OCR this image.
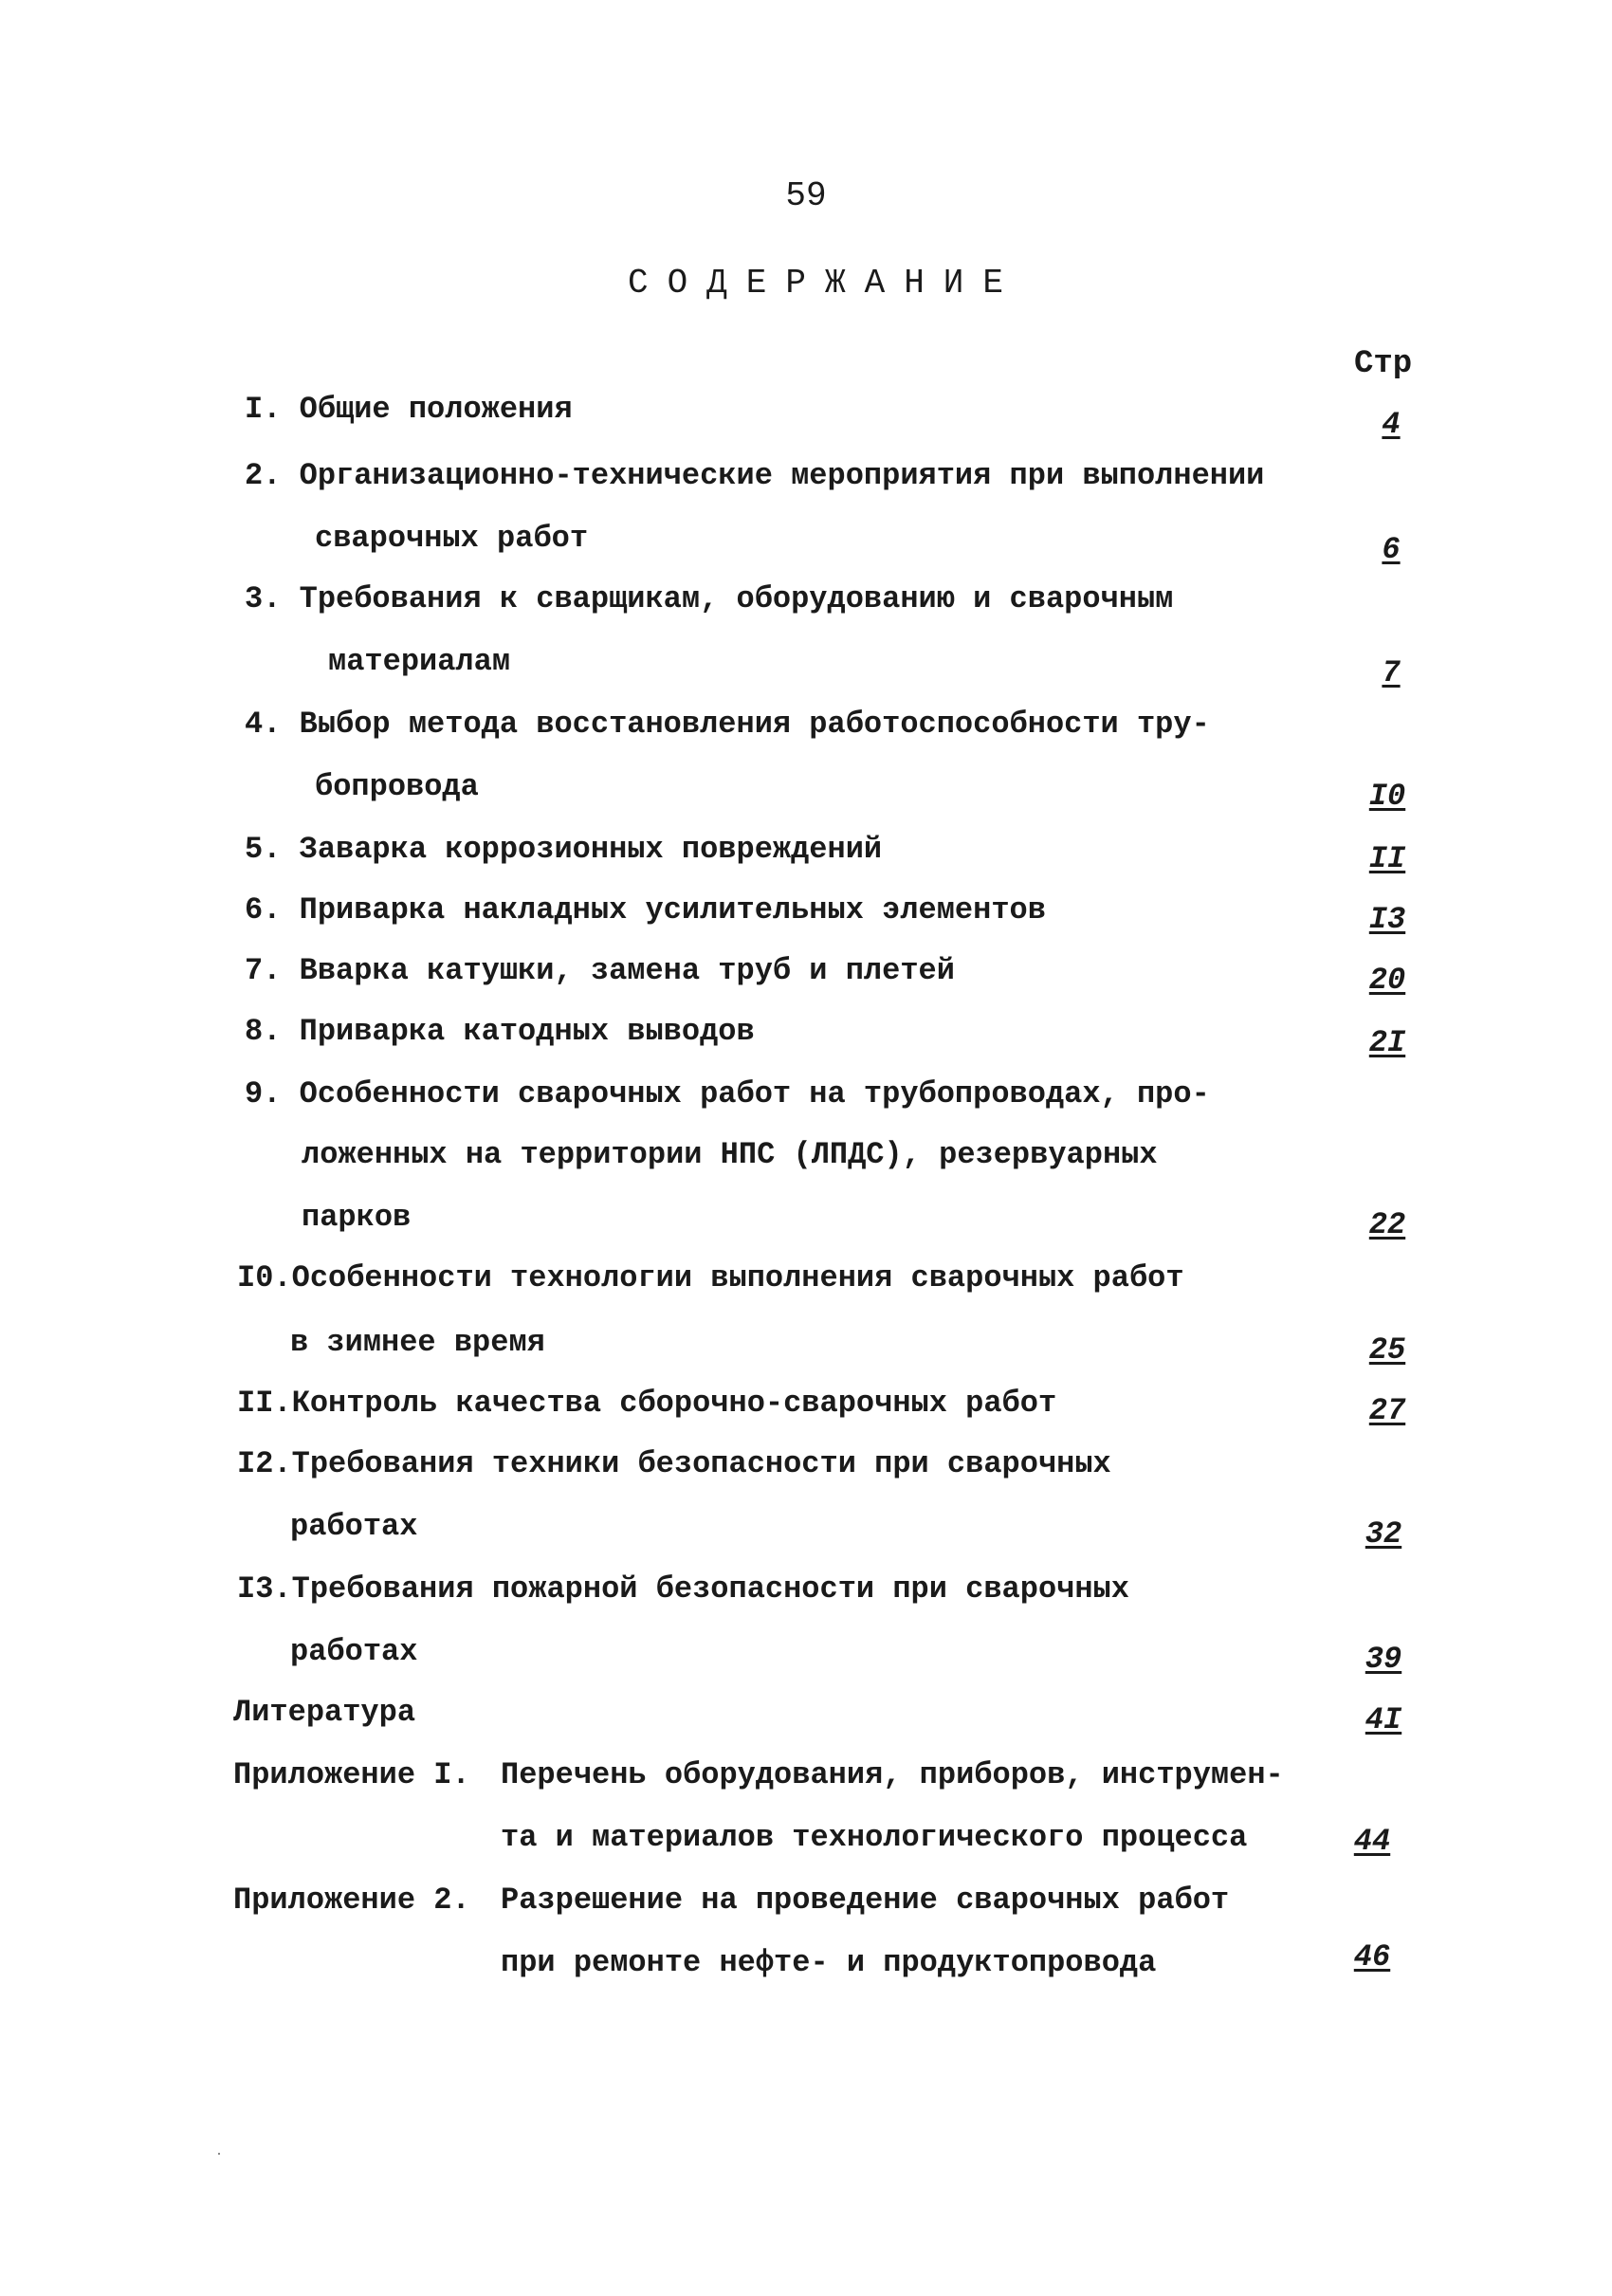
59
СОДЕРЖАНИЕ
Стр
I. Общие положения	4
2. Организационно-технические мероприятия при выполнении
сварочных работ	6
3. Требования к сварщикам, оборудованию и сварочным
материалам	7
4. Выбор метода восстановления работоспособности тру-
бопровода	I0
5. Заварка коррозионных повреждений	II
6. Приварка накладных усилительных элементов	I3
7. Вварка катушки, замена труб и плетей	20
8. Приварка катодных выводов	2I
9. Особенности сварочных работ на трубопроводах, про-
ложенных на территории НПС (ЛПДС), резервуарных
парков	22
I0.Особенности технологии выполнения сварочных работ
в зимнее время	25
II.Контроль качества сборочно-сварочных работ	27
I2.Требования техники безопасности при сварочных
работах	32
I3.Требования пожарной безопасности при сварочных
работах	39
Литература	4I
Приложение I. Перечень оборудования, приборов, инструмен-
та и материалов технологического процесса	44
Приложение 2. Разрешение на проведение сварочных работ
при ремонте нефте- и продуктопровода	46
